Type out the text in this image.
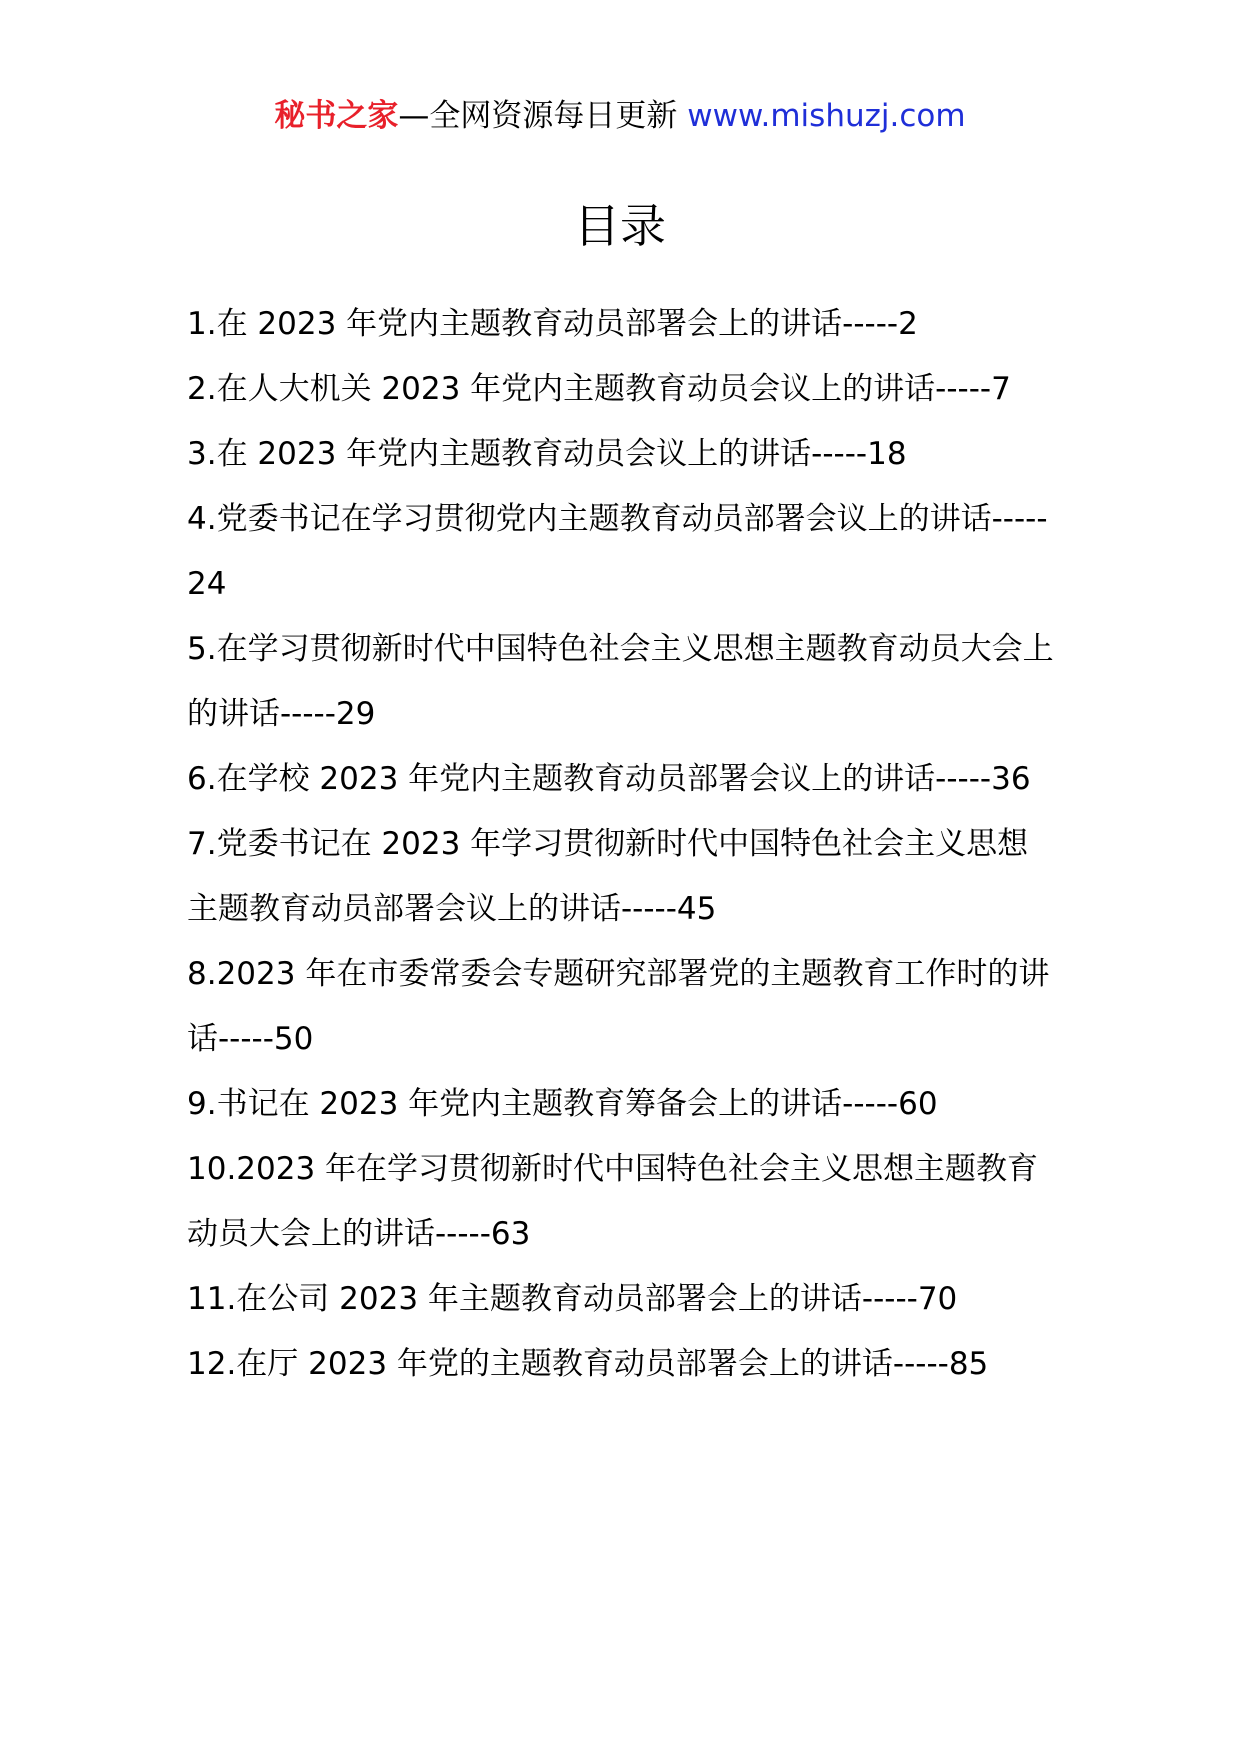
秘书之家—全网资源每日更新 www.mishuzj.com
目录
1.在 2023 年党内主题教育动员部署会上的讲话-----2
2.在人大机关 2023 年党内主题教育动员会议上的讲话-----7
3.在 2023 年党内主题教育动员会议上的讲话-----18
4.党委书记在学习贯彻党内主题教育动员部署会议上的讲话-----24
5.在学习贯彻新时代中国特色社会主义思想主题教育动员大会上的讲话-----29
6.在学校 2023 年党内主题教育动员部署会议上的讲话-----36
7.党委书记在 2023 年学习贯彻新时代中国特色社会主义思想主题教育动员部署会议上的讲话-----45
8.2023 年在市委常委会专题研究部署党的主题教育工作时的讲话-----50
9.书记在 2023 年党内主题教育筹备会上的讲话-----60
10.2023 年在学习贯彻新时代中国特色社会主义思想主题教育动员大会上的讲话-----63
11.在公司 2023 年主题教育动员部署会上的讲话-----70
12.在厅 2023 年党的主题教育动员部署会上的讲话-----85
